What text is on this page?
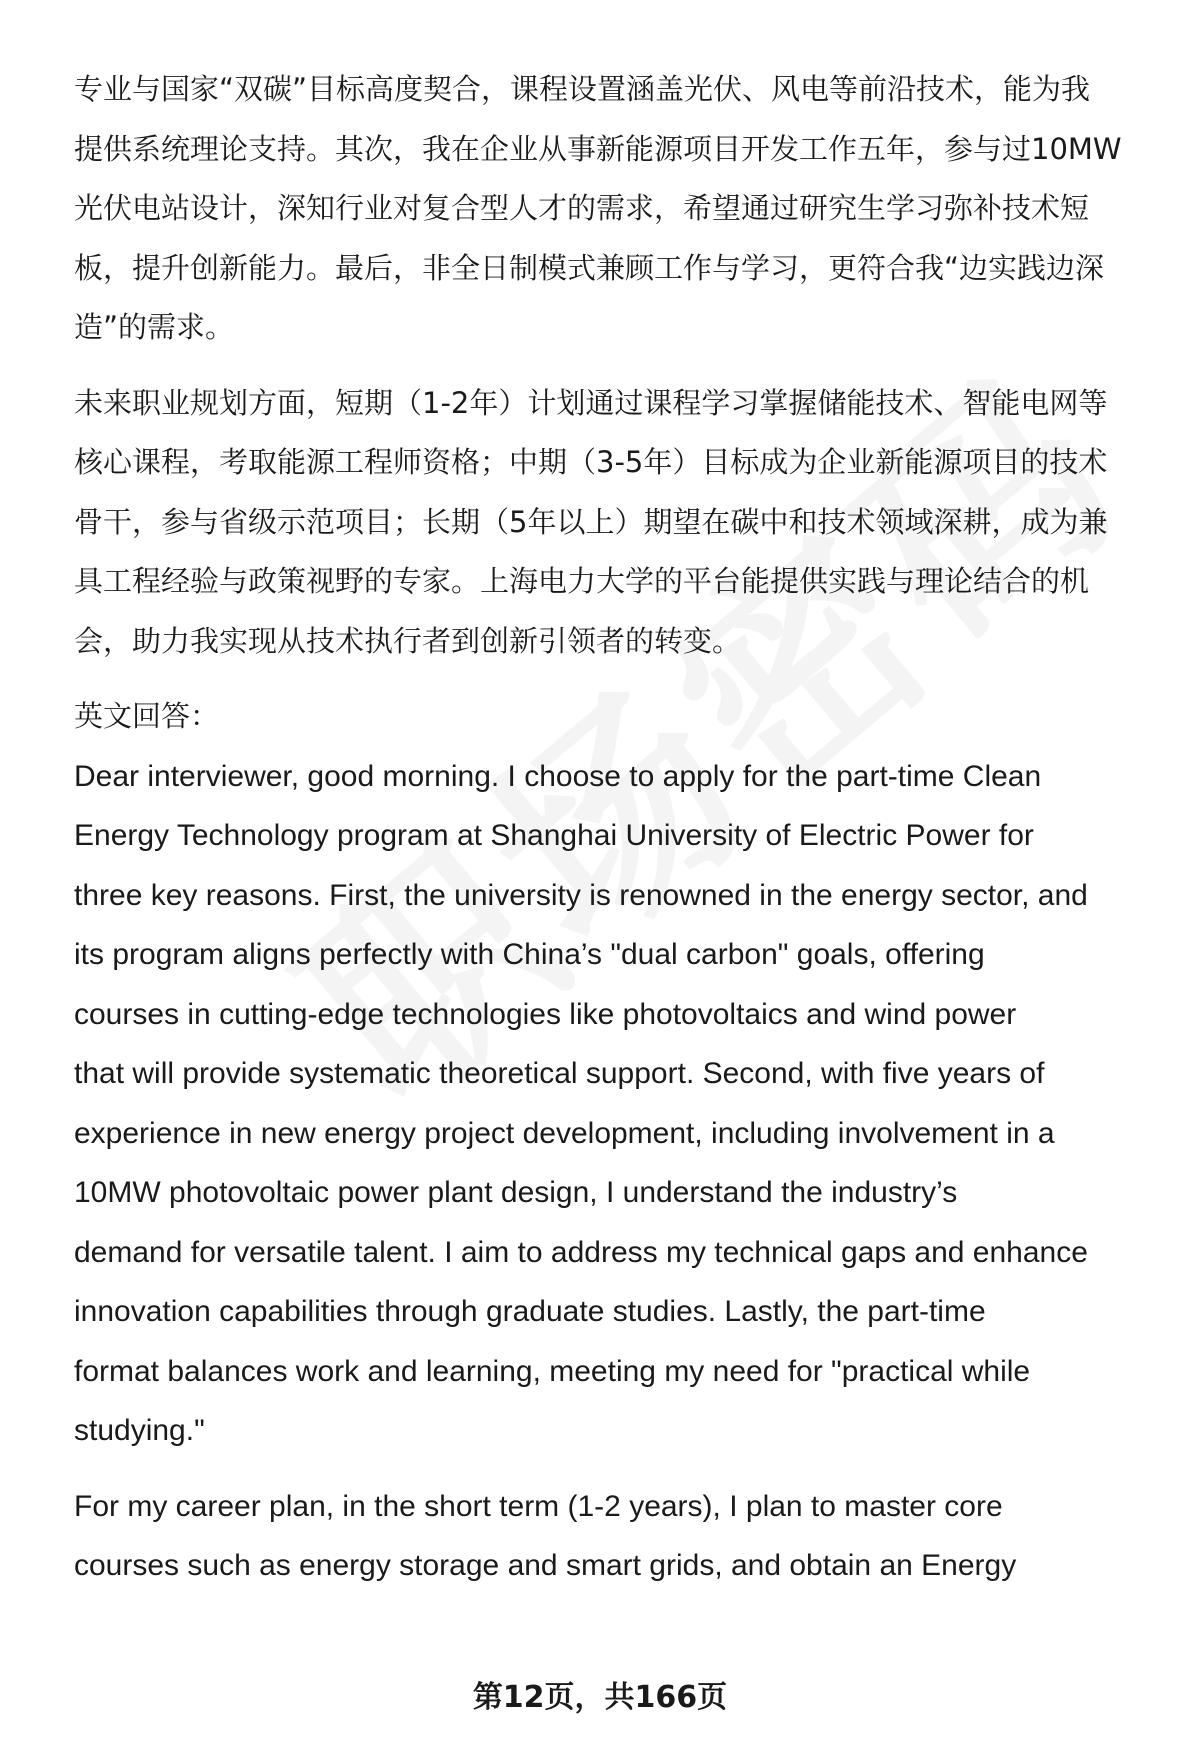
专业与国家“双碳”目标高度契合，课程设置涵盖光伏、风电等前沿技术，能为我
提供系统理论支持。其次，我在企业从事新能源项目开发工作五年，参与过10MW
光伏电站设计，深知行业对复合型人才的需求，希望通过研究生学习弥补技术短
板，提升创新能力。最后，非全日制模式兼顾工作与学习，更符合我“边实践边深
造”的需求。
未来职业规划方面，短期（1-2年）计划通过课程学习掌握储能技术、智能电网等
核心课程，考取能源工程师资格；中期（3-5年）目标成为企业新能源项目的技术
骨干，参与省级示范项目；长期（5年以上）期望在碳中和技术领域深耕，成为兼
具工程经验与政策视野的专家。上海电力大学的平台能提供实践与理论结合的机
会，助力我实现从技术执行者到创新引领者的转变。
英文回答：
Dear interviewer, good morning. I choose to apply for the part-time Clean
Energy Technology program at Shanghai University of Electric Power for
three key reasons. First, the university is renowned in the energy sector, and
its program aligns perfectly with China’s "dual carbon" goals, offering
courses in cutting-edge technologies like photovoltaics and wind power
that will provide systematic theoretical support. Second, with five years of
experience in new energy project development, including involvement in a
10MW photovoltaic power plant design, I understand the industry’s
demand for versatile talent. I aim to address my technical gaps and enhance
innovation capabilities through graduate studies. Lastly, the part-time
format balances work and learning, meeting my need for "practical while
studying."
For my career plan, in the short term (1-2 years), I plan to master core
courses such as energy storage and smart grids, and obtain an Energy
第12页，共166页
